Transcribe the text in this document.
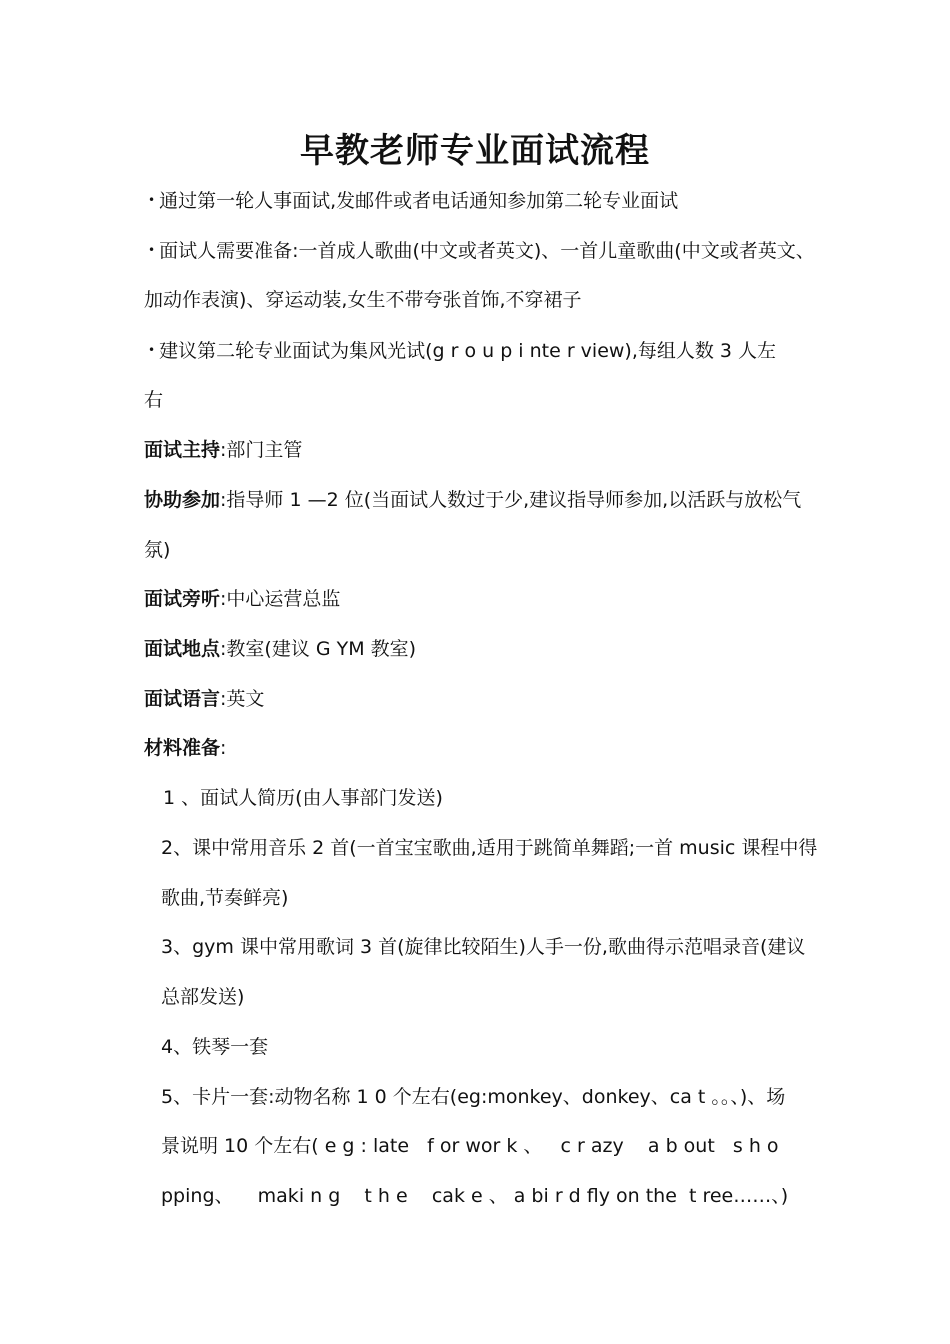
早教老师专业面试流程
• 通过第一轮人事面试,发邮件或者电话通知参加第二轮专业面试
• 面试人需要准备:一首成人歌曲(中文或者英文)、一首儿童歌曲(中文或者英文、
加动作表演)、穿运动装,女生不带夸张首饰,不穿裙子
• 建议第二轮专业面试为集风光试(g r o u p i nte r view),每组人数 3 人左
右
面试主持:部门主管
协助参加:指导师 1 —2 位(当面试人数过于少,建议指导师参加,以活跃与放松气
氛)
面试旁听:中心运营总监
面试地点:教室(建议 G YM 教室)
面试语言:英文
材料准备:
1 、面试人简历(由人事部门发送)
2、课中常用音乐 2 首(一首宝宝歌曲,适用于跳简单舞蹈;一首 music 课程中得
歌曲,节奏鲜亮)
3、gym 课中常用歌词 3 首(旋律比较陌生)人手一份,歌曲得示范唱录音(建议
总部发送)
4、铁琴一套
5、卡片一套:动物名称 1 0 个左右(eg:monkey、donkey、ca t 。。、)、场
景说明 10 个左右( e g : late   f or wor k 、   c r azy    a b out   s h o
pping、    maki n g    t h e    cak e 、 a bi r d fly on the  t ree……、)
